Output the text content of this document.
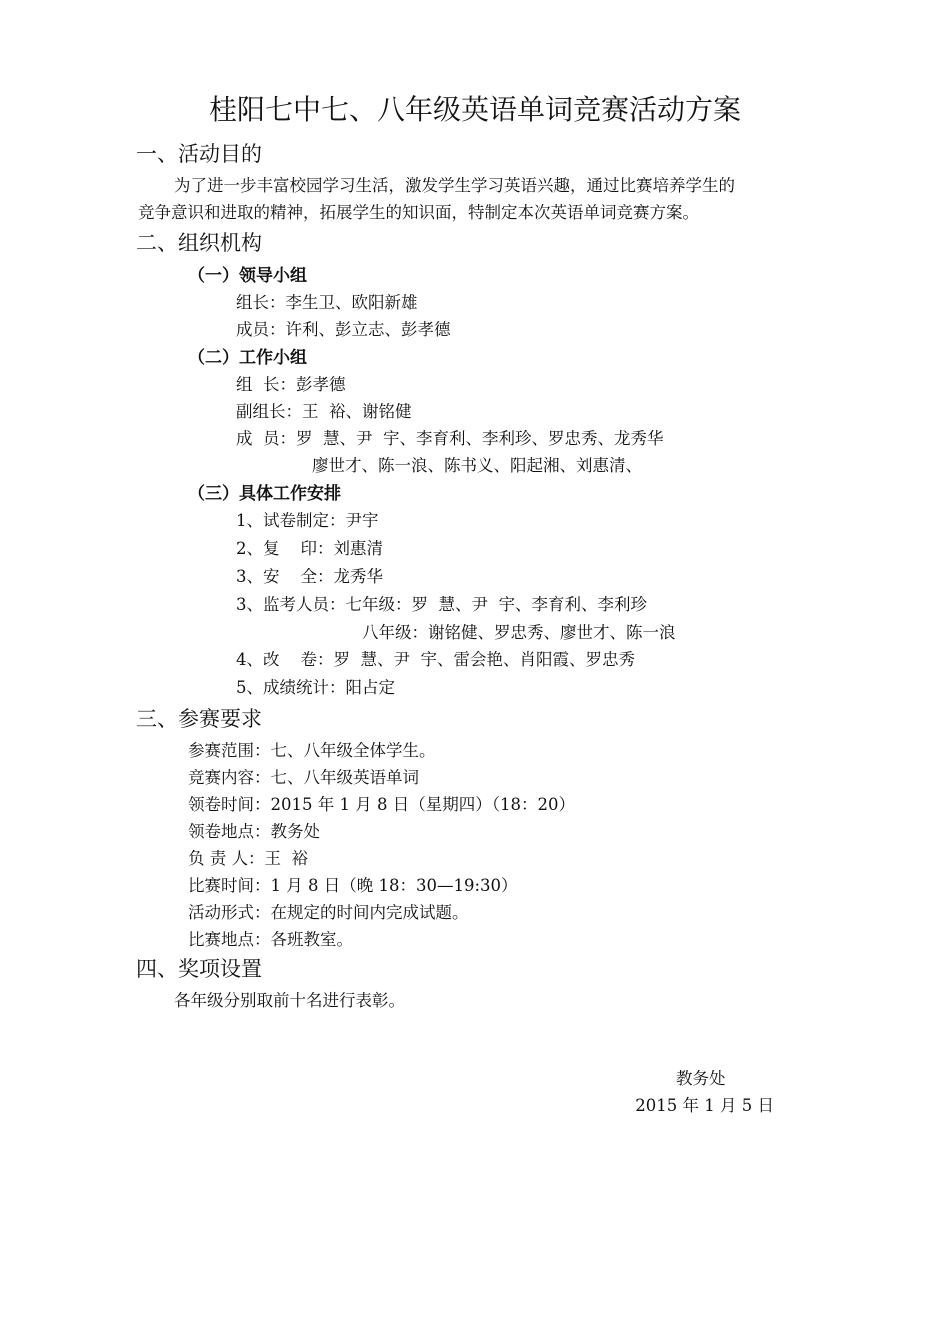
桂阳七中七、八年级英语单词竞赛活动方案
一、活动目的
为了进一步丰富校园学习生活，激发学生学习英语兴趣，通过比赛培养学生的
竞争意识和进取的精神，拓展学生的知识面，特制定本次英语单词竞赛方案。
二、组织机构
（一）领导小组
组长：李生卫、欧阳新雄
成员：许利、彭立志、彭孝德
（二）工作小组
组  长：彭孝德
副组长：王  裕、谢铭健
成  员：罗  慧、尹  宇、李育利、李利珍、罗忠秀、龙秀华
廖世才、陈一浪、陈书义、阳起湘、刘惠清、
（三）具体工作安排
1、试卷制定：尹宇
2、复    印：刘惠清
3、安    全：龙秀华
3、监考人员：七年级：罗  慧、尹  宇、李育利、李利珍
八年级：谢铭健、罗忠秀、廖世才、陈一浪
4、改    卷：罗  慧、尹  宇、雷会艳、肖阳霞、罗忠秀
5、成绩统计：阳占定
三、参赛要求
参赛范围：七、八年级全体学生。
竞赛内容：七、八年级英语单词
领卷时间：2015 年 1 月 8 日（星期四）（18：20）
领卷地点：教务处
负 责 人：王  裕
比赛时间：1 月 8 日（晚 18：30—19:30）
活动形式：在规定的时间内完成试题。
比赛地点：各班教室。
四、奖项设置
各年级分别取前十名进行表彰。
教务处
2015 年 1 月 5 日
